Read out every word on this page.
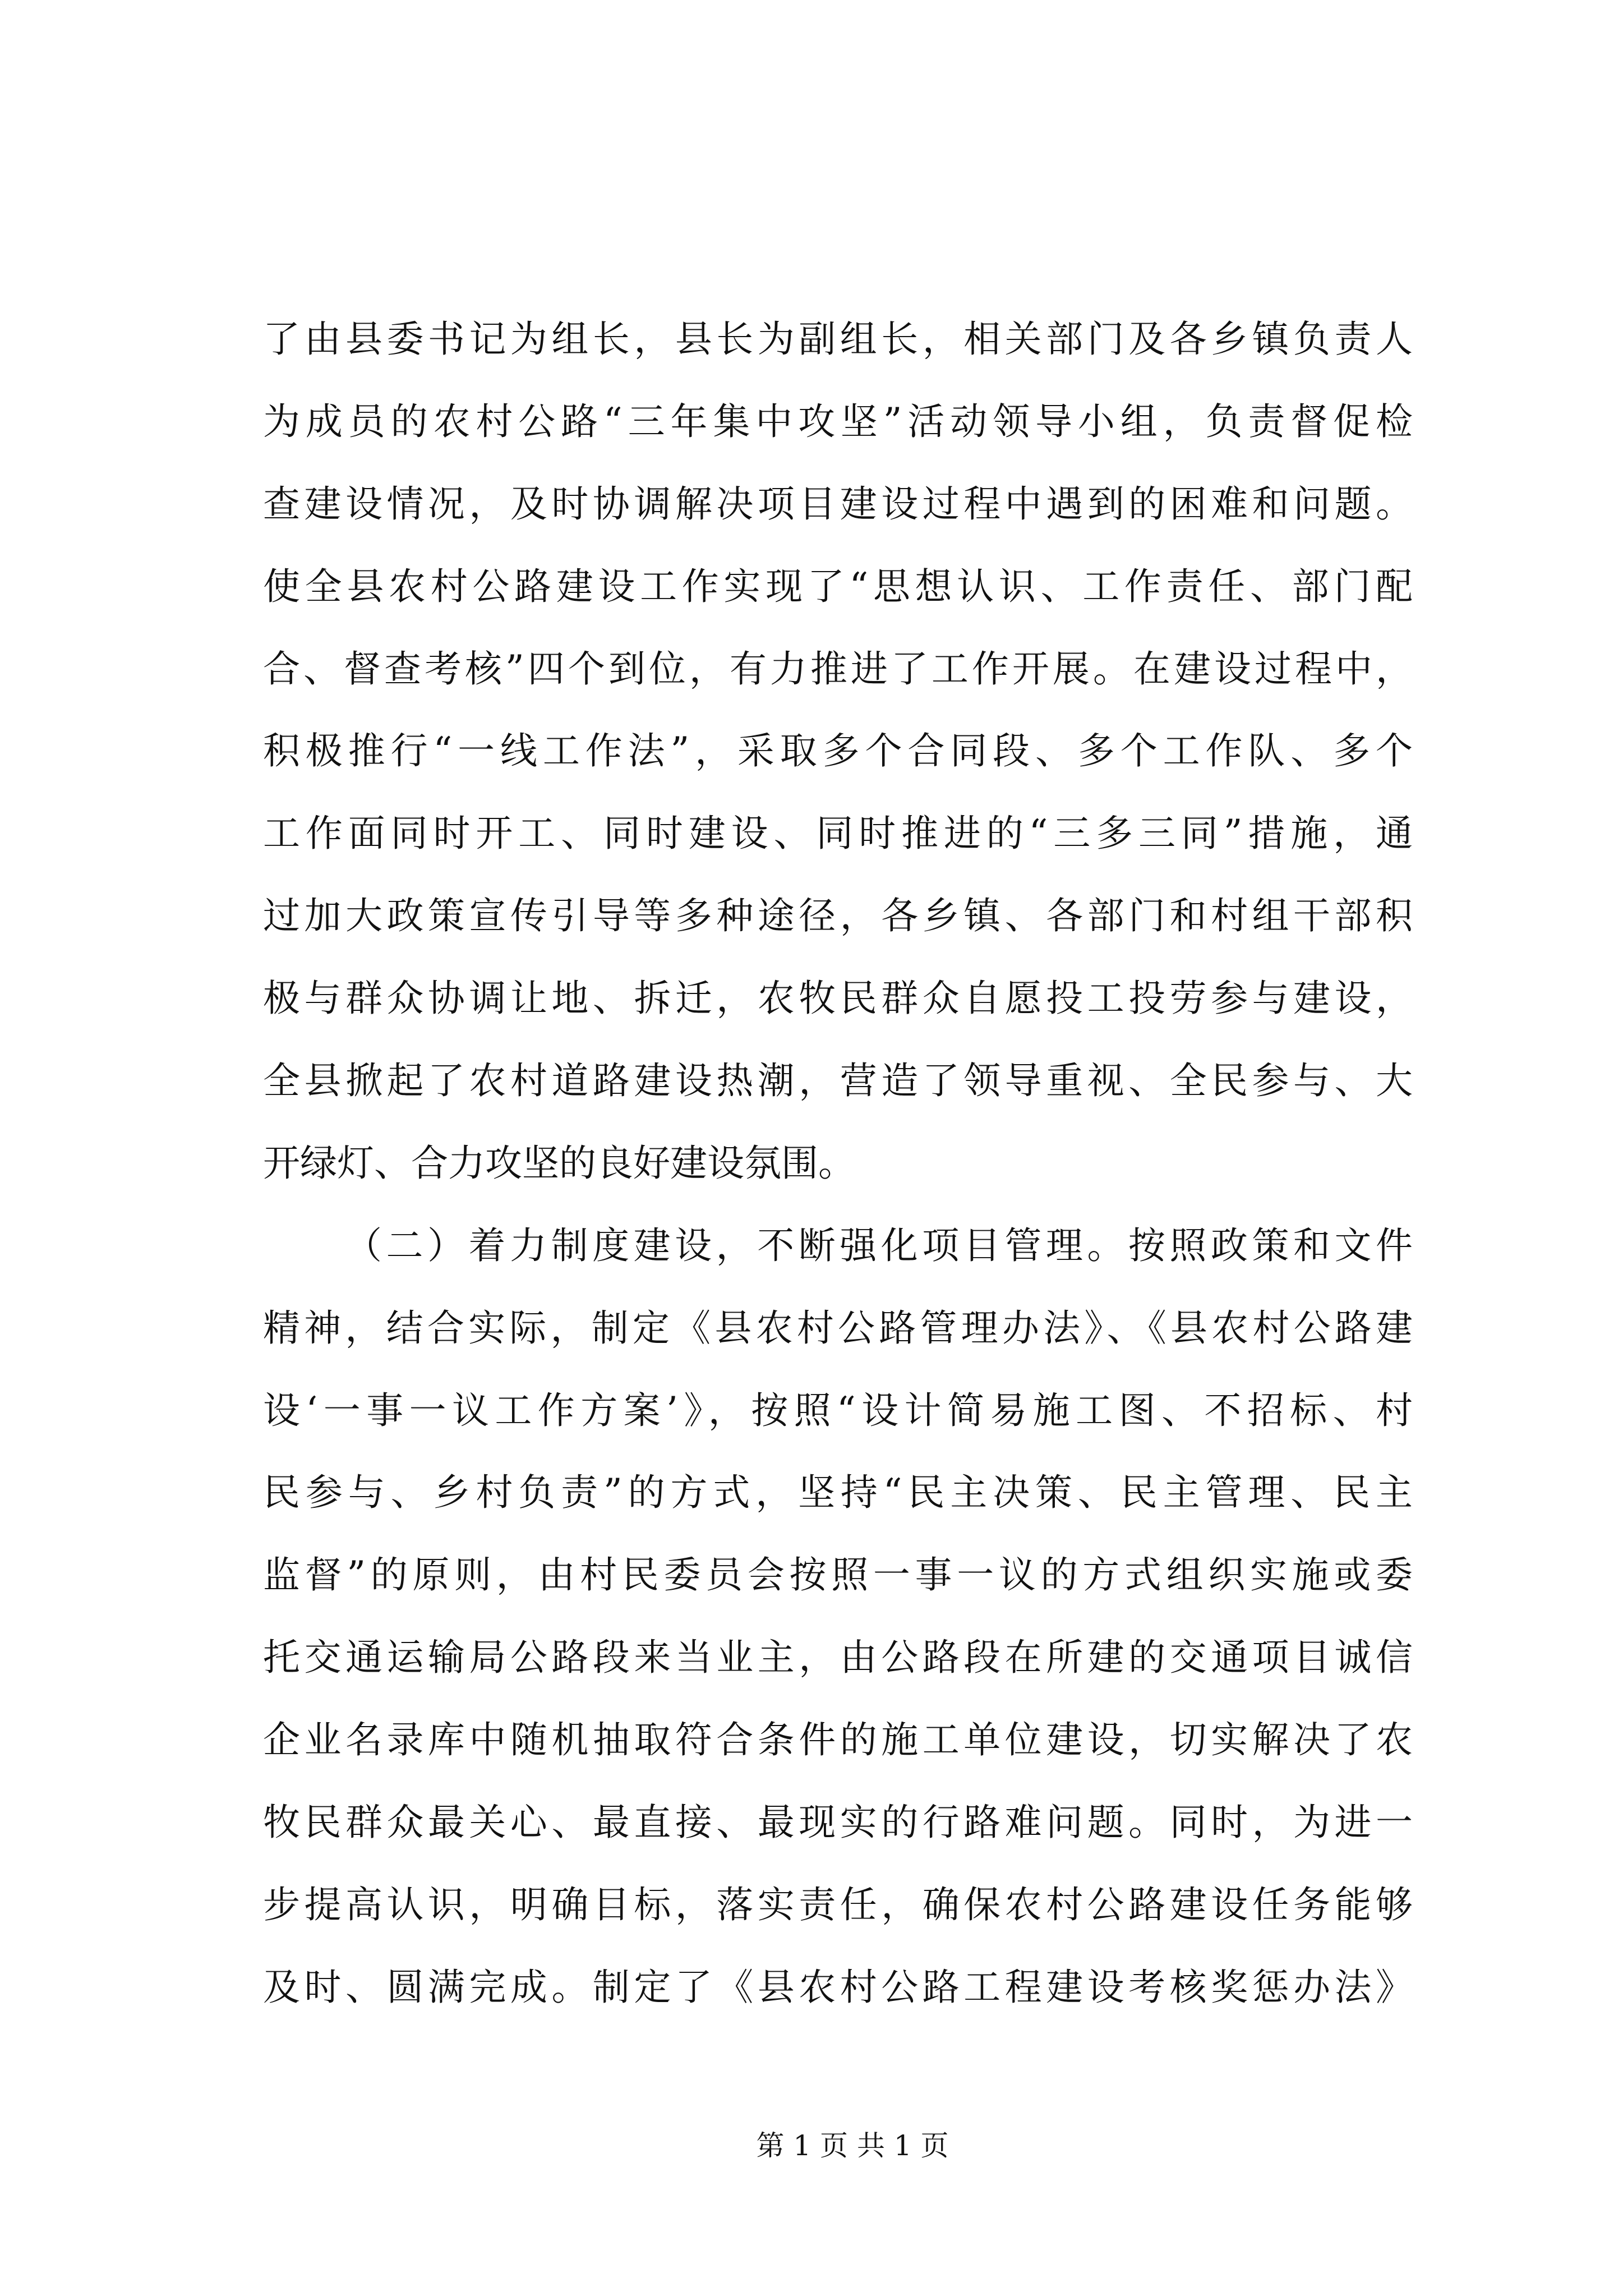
了由县委书记为组长，县长为副组长，相关部门及各乡镇负责人
为成员的农村公路“三年集中攻坚”活动领导小组，负责督促检
查建设情况，及时协调解决项目建设过程中遇到的困难和问题。
使全县农村公路建设工作实现了“思想认识、工作责任、部门配
合、督查考核”四个到位，有力推进了工作开展。在建设过程中，
积极推行“一线工作法”，采取多个合同段、多个工作队、多个
工作面同时开工、同时建设、同时推进的“三多三同”措施，通
过加大政策宣传引导等多种途径，各乡镇、各部门和村组干部积
极与群众协调让地、拆迁，农牧民群众自愿投工投劳参与建设，
全县掀起了农村道路建设热潮，营造了领导重视、全民参与、大
开绿灯、合力攻坚的良好建设氛围。
（二）着力制度建设，不断强化项目管理。按照政策和文件
精神，结合实际，制定《县农村公路管理办法》、《县农村公路建
设‘一事一议工作方案’》，按照“设计简易施工图、不招标、村
民参与、乡村负责”的方式，坚持“民主决策、民主管理、民主
监督”的原则，由村民委员会按照一事一议的方式组织实施或委
托交通运输局公路段来当业主，由公路段在所建的交通项目诚信
企业名录库中随机抽取符合条件的施工单位建设，切实解决了农
牧民群众最关心、最直接、最现实的行路难问题。同时，为进一
步提高认识，明确目标，落实责任，确保农村公路建设任务能够
及时、圆满完成。制定了《县农村公路工程建设考核奖惩办法》
第 1 页 共 1 页
